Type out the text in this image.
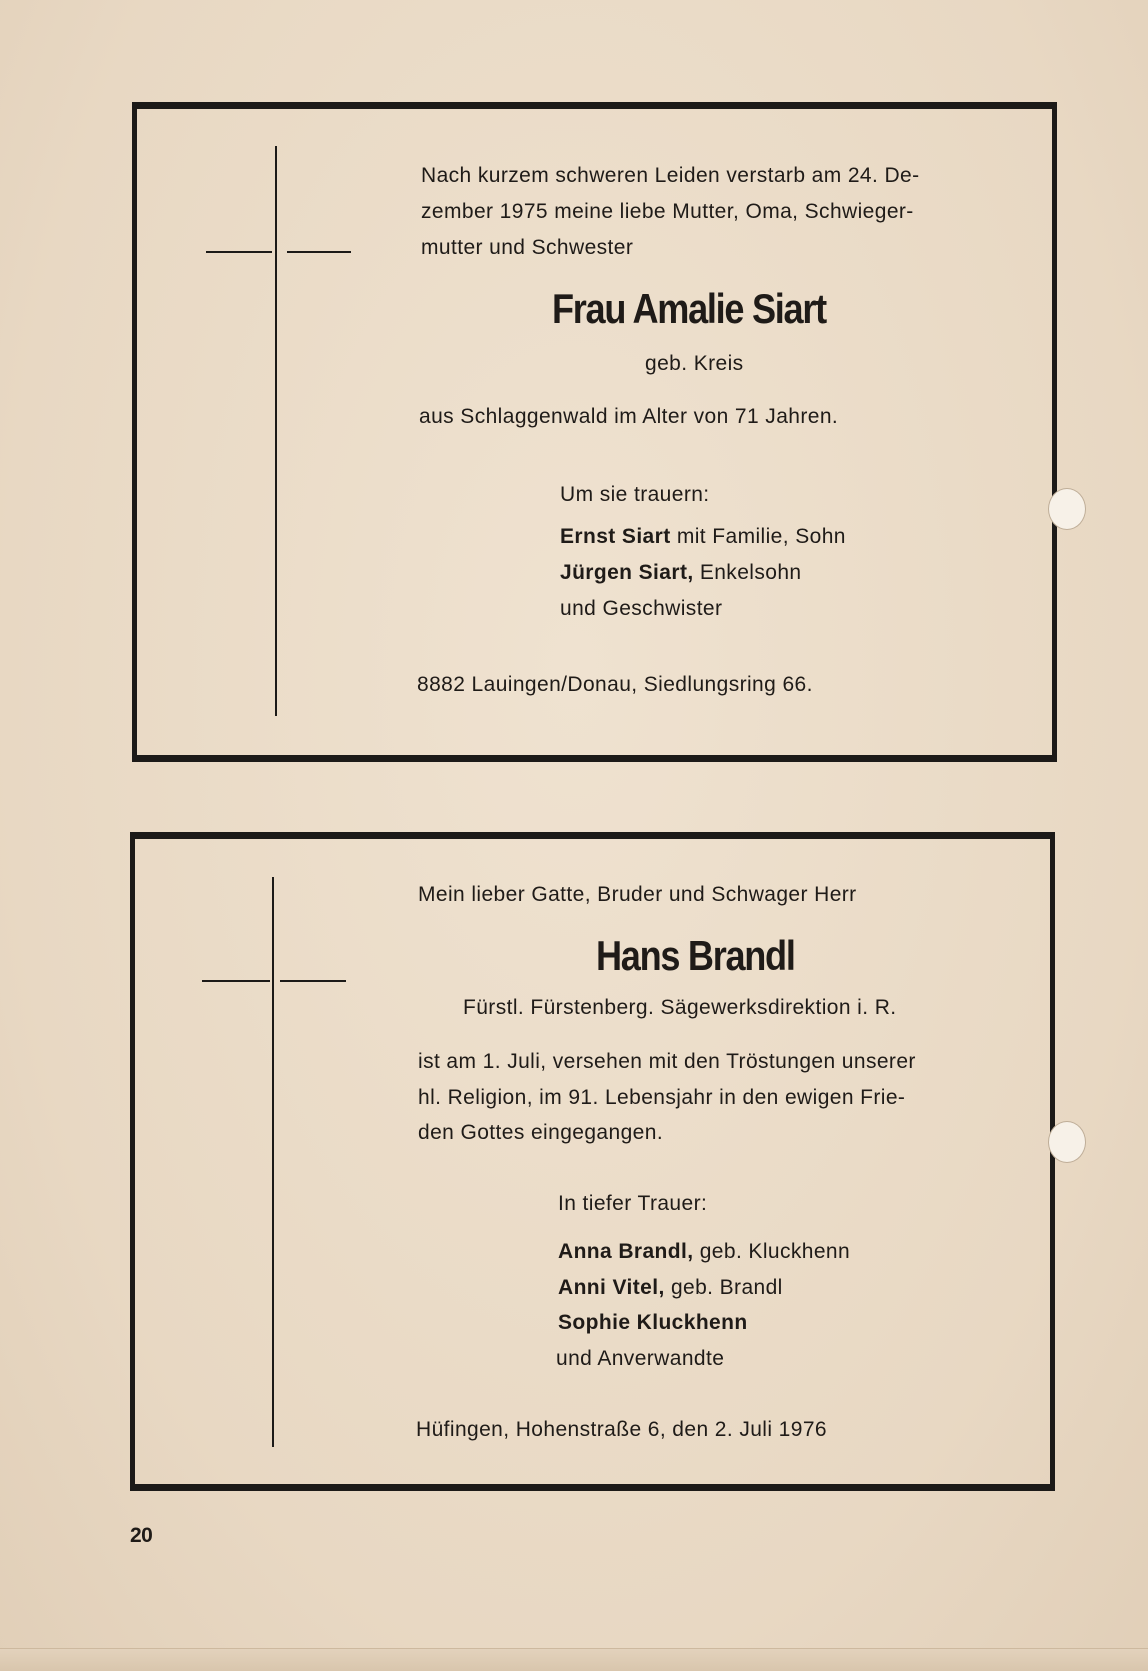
Nach kurzem schweren Leiden verstarb am 24. De-
zember 1975 meine liebe Mutter, Oma, Schwieger-
mutter und Schwester
Frau Amalie Siart
geb. Kreis
aus Schlaggenwald im Alter von 71 Jahren.
Um sie trauern:
Ernst Siart mit Familie, Sohn
Jürgen Siart, Enkelsohn
und Geschwister
8882 Lauingen/Donau, Siedlungsring 66.
Mein lieber Gatte, Bruder und Schwager Herr
Hans Brandl
Fürstl. Fürstenberg. Sägewerksdirektion i. R.
ist am 1. Juli, versehen mit den Tröstungen unserer
hl. Religion, im 91. Lebensjahr in den ewigen Frie-
den Gottes eingegangen.
In tiefer Trauer:
Anna Brandl, geb. Kluckhenn
Anni Vitel, geb. Brandl
Sophie Kluckhenn
und Anverwandte
Hüfingen, Hohenstraße 6, den 2. Juli 1976
20
